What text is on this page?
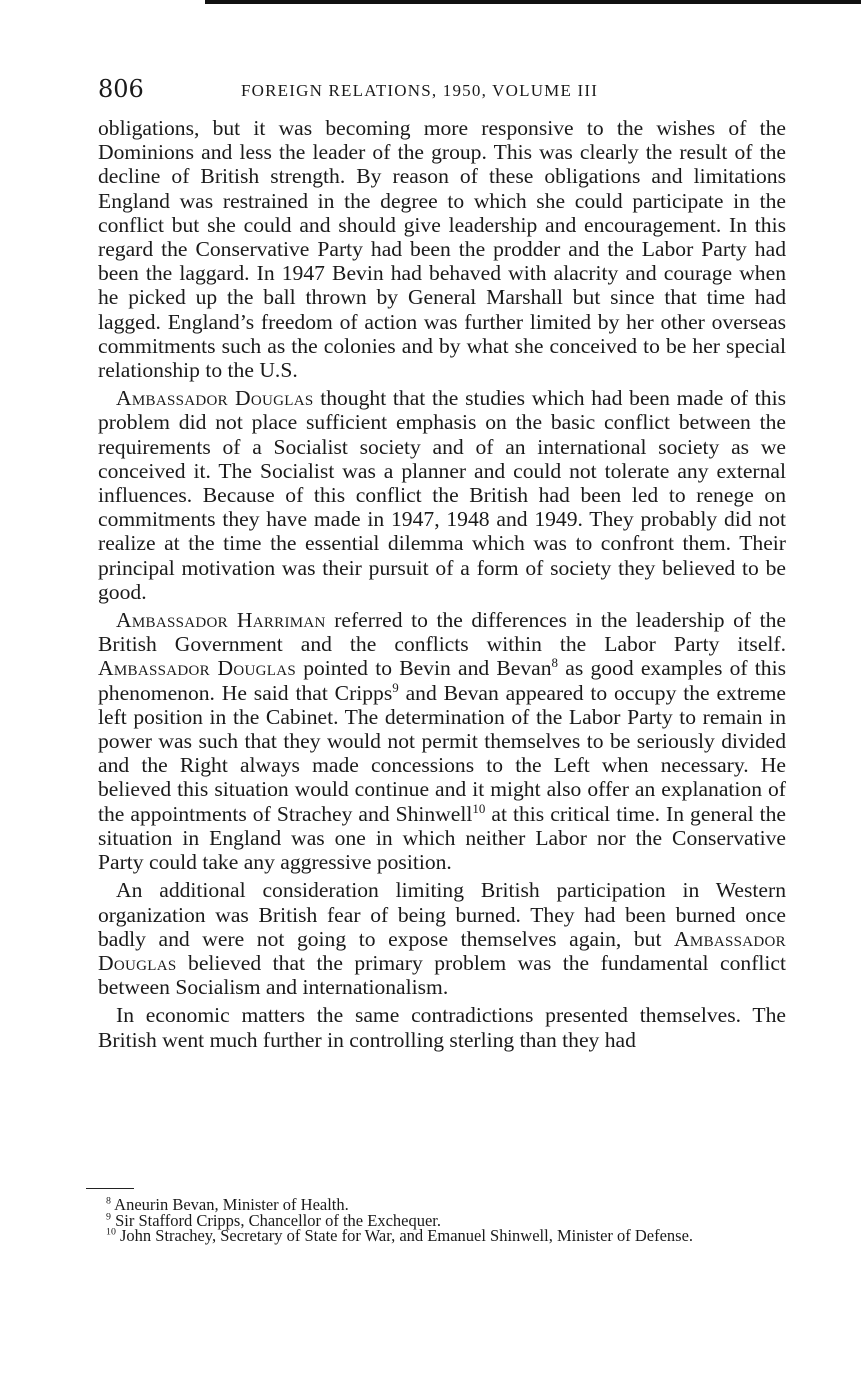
806	FOREIGN RELATIONS, 1950, VOLUME III

obligations, but it was becoming more responsive to the wishes of the Dominions and less the leader of the group. This was clearly the result of the decline of British strength. By reason of these obligations and limitations England was restrained in the degree to which she could participate in the conflict but she could and should give leadership and encouragement. In this regard the Conservative Party had been the prodder and the Labor Party had been the laggard. In 1947 Bevin had behaved with alacrity and courage when he picked up the ball thrown by General Marshall but since that time had lagged. England’s freedom of action was further limited by her other overseas commitments such as the colonies and by what she conceived to be her special relationship to the U.S.

Ambassador Douglas thought that the studies which had been made of this problem did not place sufficient emphasis on the basic conflict between the requirements of a Socialist society and of an international society as we conceived it. The Socialist was a planner and could not tolerate any external influences. Because of this conflict the British had been led to renege on commitments they have made in 1947, 1948 and 1949. They probably did not realize at the time the essential dilemma which was to confront them. Their principal motivation was their pursuit of a form of society they believed to be good.

Ambassador Harriman referred to the differences in the leadership of the British Government and the conflicts within the Labor Party itself. Ambassador Douglas pointed to Bevin and Bevan$^8$ as good examples of this phenomenon. He said that Cripps$^9$ and Bevan appeared to occupy the extreme left position in the Cabinet. The determination of the Labor Party to remain in power was such that they would not permit themselves to be seriously divided and the Right always made concessions to the Left when necessary. He believed this situation would continue and it might also offer an explanation of the appointments of Strachey and Shinwell$^{10}$ at this critical time. In general the situation in England was one in which neither Labor nor the Conservative Party could take any aggressive position.

An additional consideration limiting British participation in Western organization was British fear of being burned. They had been burned once badly and were not going to expose themselves again, but Ambassador Douglas believed that the primary problem was the fundamental conflict between Socialism and internationalism.

In economic matters the same contradictions presented themselves. The British went much further in controlling sterling than they had

$^8$ Aneurin Bevan, Minister of Health.

$^9$ Sir Stafford Cripps, Chancellor of the Exchequer.

$^{10}$ John Strachey, Secretary of State for War, and Emanuel Shinwell, Minister of Defense.
